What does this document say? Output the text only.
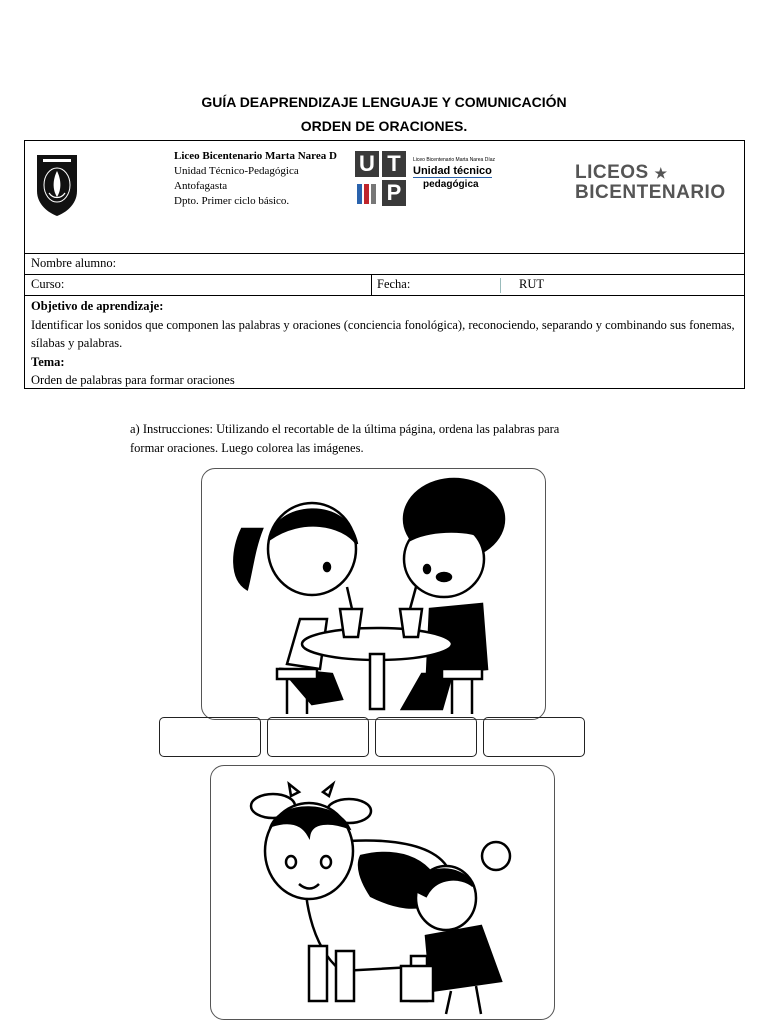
GUÍA DEAPRENDIZAJE LENGUAJE Y COMUNICACIÓN
ORDEN DE ORACIONES.
Liceo Bicentenario Marta Narea D
Unidad Técnico-Pedagógica
Antofagasta
Dpto. Primer ciclo básico.
U T
P
Liceo Bicentenario Marta Narea Díaz
Unidad técnico
pedagógica
LICEOS ★
BICENTENARIO
Nombre alumno:
Curso:	Fecha:	RUT
Objetivo de aprendizaje:
Identificar los sonidos que componen las palabras y oraciones (conciencia fonológica), reconociendo, separando y combinando sus fonemas, sílabas y palabras.
Tema:
Orden de palabras para formar oraciones
a) Instrucciones: Utilizando el recortable de la última página, ordena las palabras para
formar oraciones. Luego colorea las imágenes.
